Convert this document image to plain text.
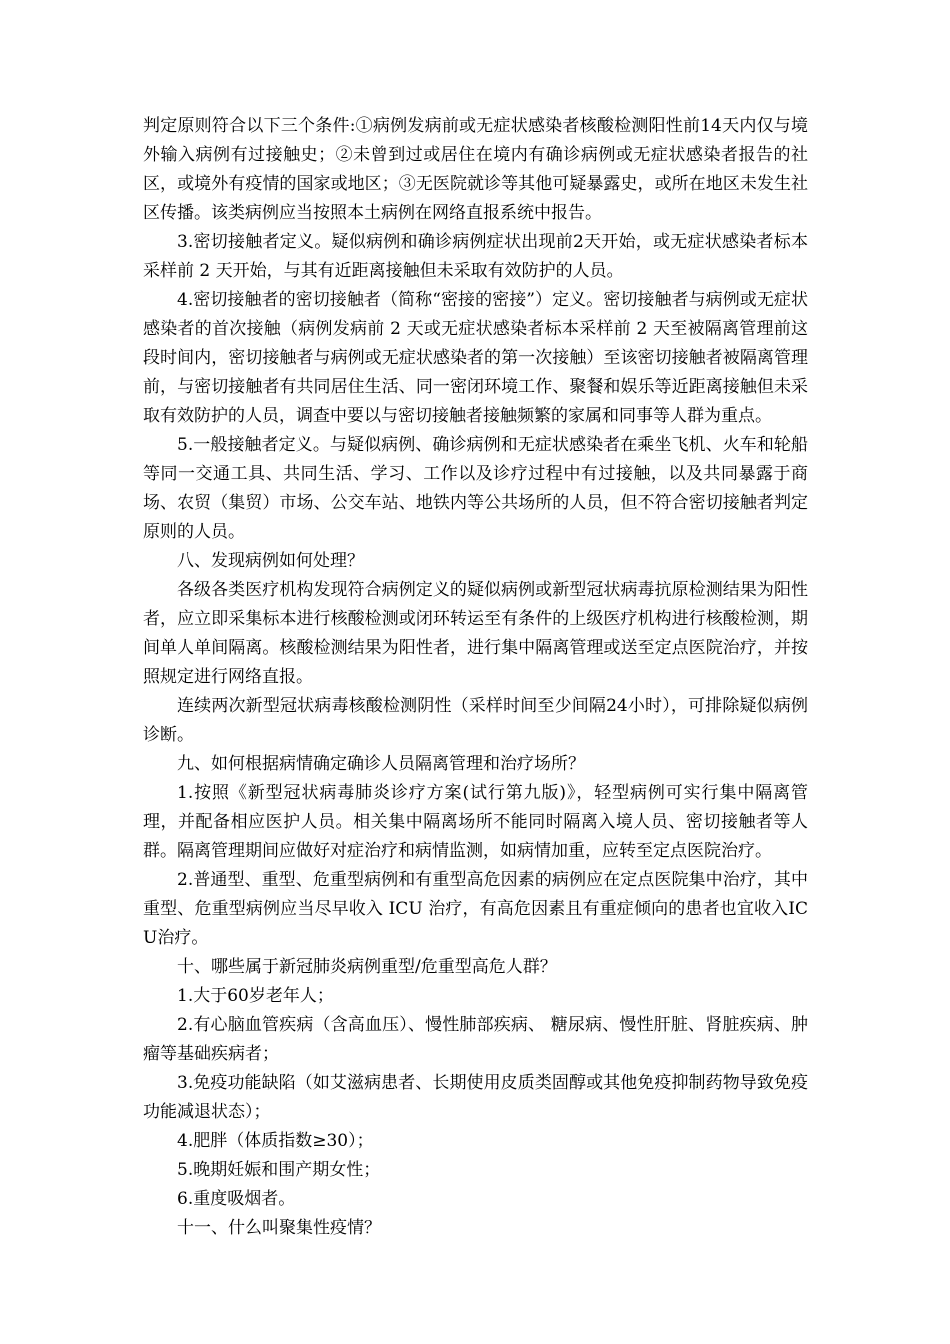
判定原则符合以下三个条件:①病例发病前或无症状感染者核酸检测阳性前14天内仅与境外输入病例有过接触史；②未曾到过或居住在境内有确诊病例或无症状感染者报告的社区，或境外有疫情的国家或地区；③无医院就诊等其他可疑暴露史，或所在地区未发生社区传播。该类病例应当按照本土病例在网络直报系统中报告。

3.密切接触者定义。疑似病例和确诊病例症状出现前2天开始，或无症状感染者标本采样前 2 天开始，与其有近距离接触但未采取有效防护的人员。

4.密切接触者的密切接触者（简称“密接的密接”）定义。密切接触者与病例或无症状感染者的首次接触（病例发病前 2 天或无症状感染者标本采样前 2 天至被隔离管理前这段时间内，密切接触者与病例或无症状感染者的第一次接触）至该密切接触者被隔离管理前，与密切接触者有共同居住生活、同一密闭环境工作、聚餐和娱乐等近距离接触但未采取有效防护的人员，调查中要以与密切接触者接触频繁的家属和同事等人群为重点。

5.一般接触者定义。与疑似病例、确诊病例和无症状感染者在乘坐飞机、火车和轮船等同一交通工具、共同生活、学习、工作以及诊疗过程中有过接触，以及共同暴露于商场、农贸（集贸）市场、公交车站、地铁内等公共场所的人员，但不符合密切接触者判定原则的人员。

八、发现病例如何处理？

各级各类医疗机构发现符合病例定义的疑似病例或新型冠状病毒抗原检测结果为阳性者，应立即采集标本进行核酸检测或闭环转运至有条件的上级医疗机构进行核酸检测，期间单人单间隔离。核酸检测结果为阳性者，进行集中隔离管理或送至定点医院治疗，并按照规定进行网络直报。

连续两次新型冠状病毒核酸检测阴性（采样时间至少间隔24小时），可排除疑似病例诊断。

九、如何根据病情确定确诊人员隔离管理和治疗场所？

1.按照《新型冠状病毒肺炎诊疗方案(试行第九版)》，轻型病例可实行集中隔离管理，并配备相应医护人员。相关集中隔离场所不能同时隔离入境人员、密切接触者等人群。隔离管理期间应做好对症治疗和病情监测，如病情加重，应转至定点医院治疗。

2.普通型、重型、危重型病例和有重型高危因素的病例应在定点医院集中治疗，其中重型、危重型病例应当尽早收入 ICU 治疗，有高危因素且有重症倾向的患者也宜收入ICU治疗。

十、哪些属于新冠肺炎病例重型/危重型高危人群？

1.大于60岁老年人；

2.有心脑血管疾病（含高血压）、慢性肺部疾病、 糖尿病、慢性肝脏、肾脏疾病、肿瘤等基础疾病者；

3.免疫功能缺陷（如艾滋病患者、长期使用皮质类固醇或其他免疫抑制药物导致免疫功能减退状态）；

4.肥胖（体质指数≥30）；

5.晚期妊娠和围产期女性；

6.重度吸烟者。

十一、什么叫聚集性疫情？
